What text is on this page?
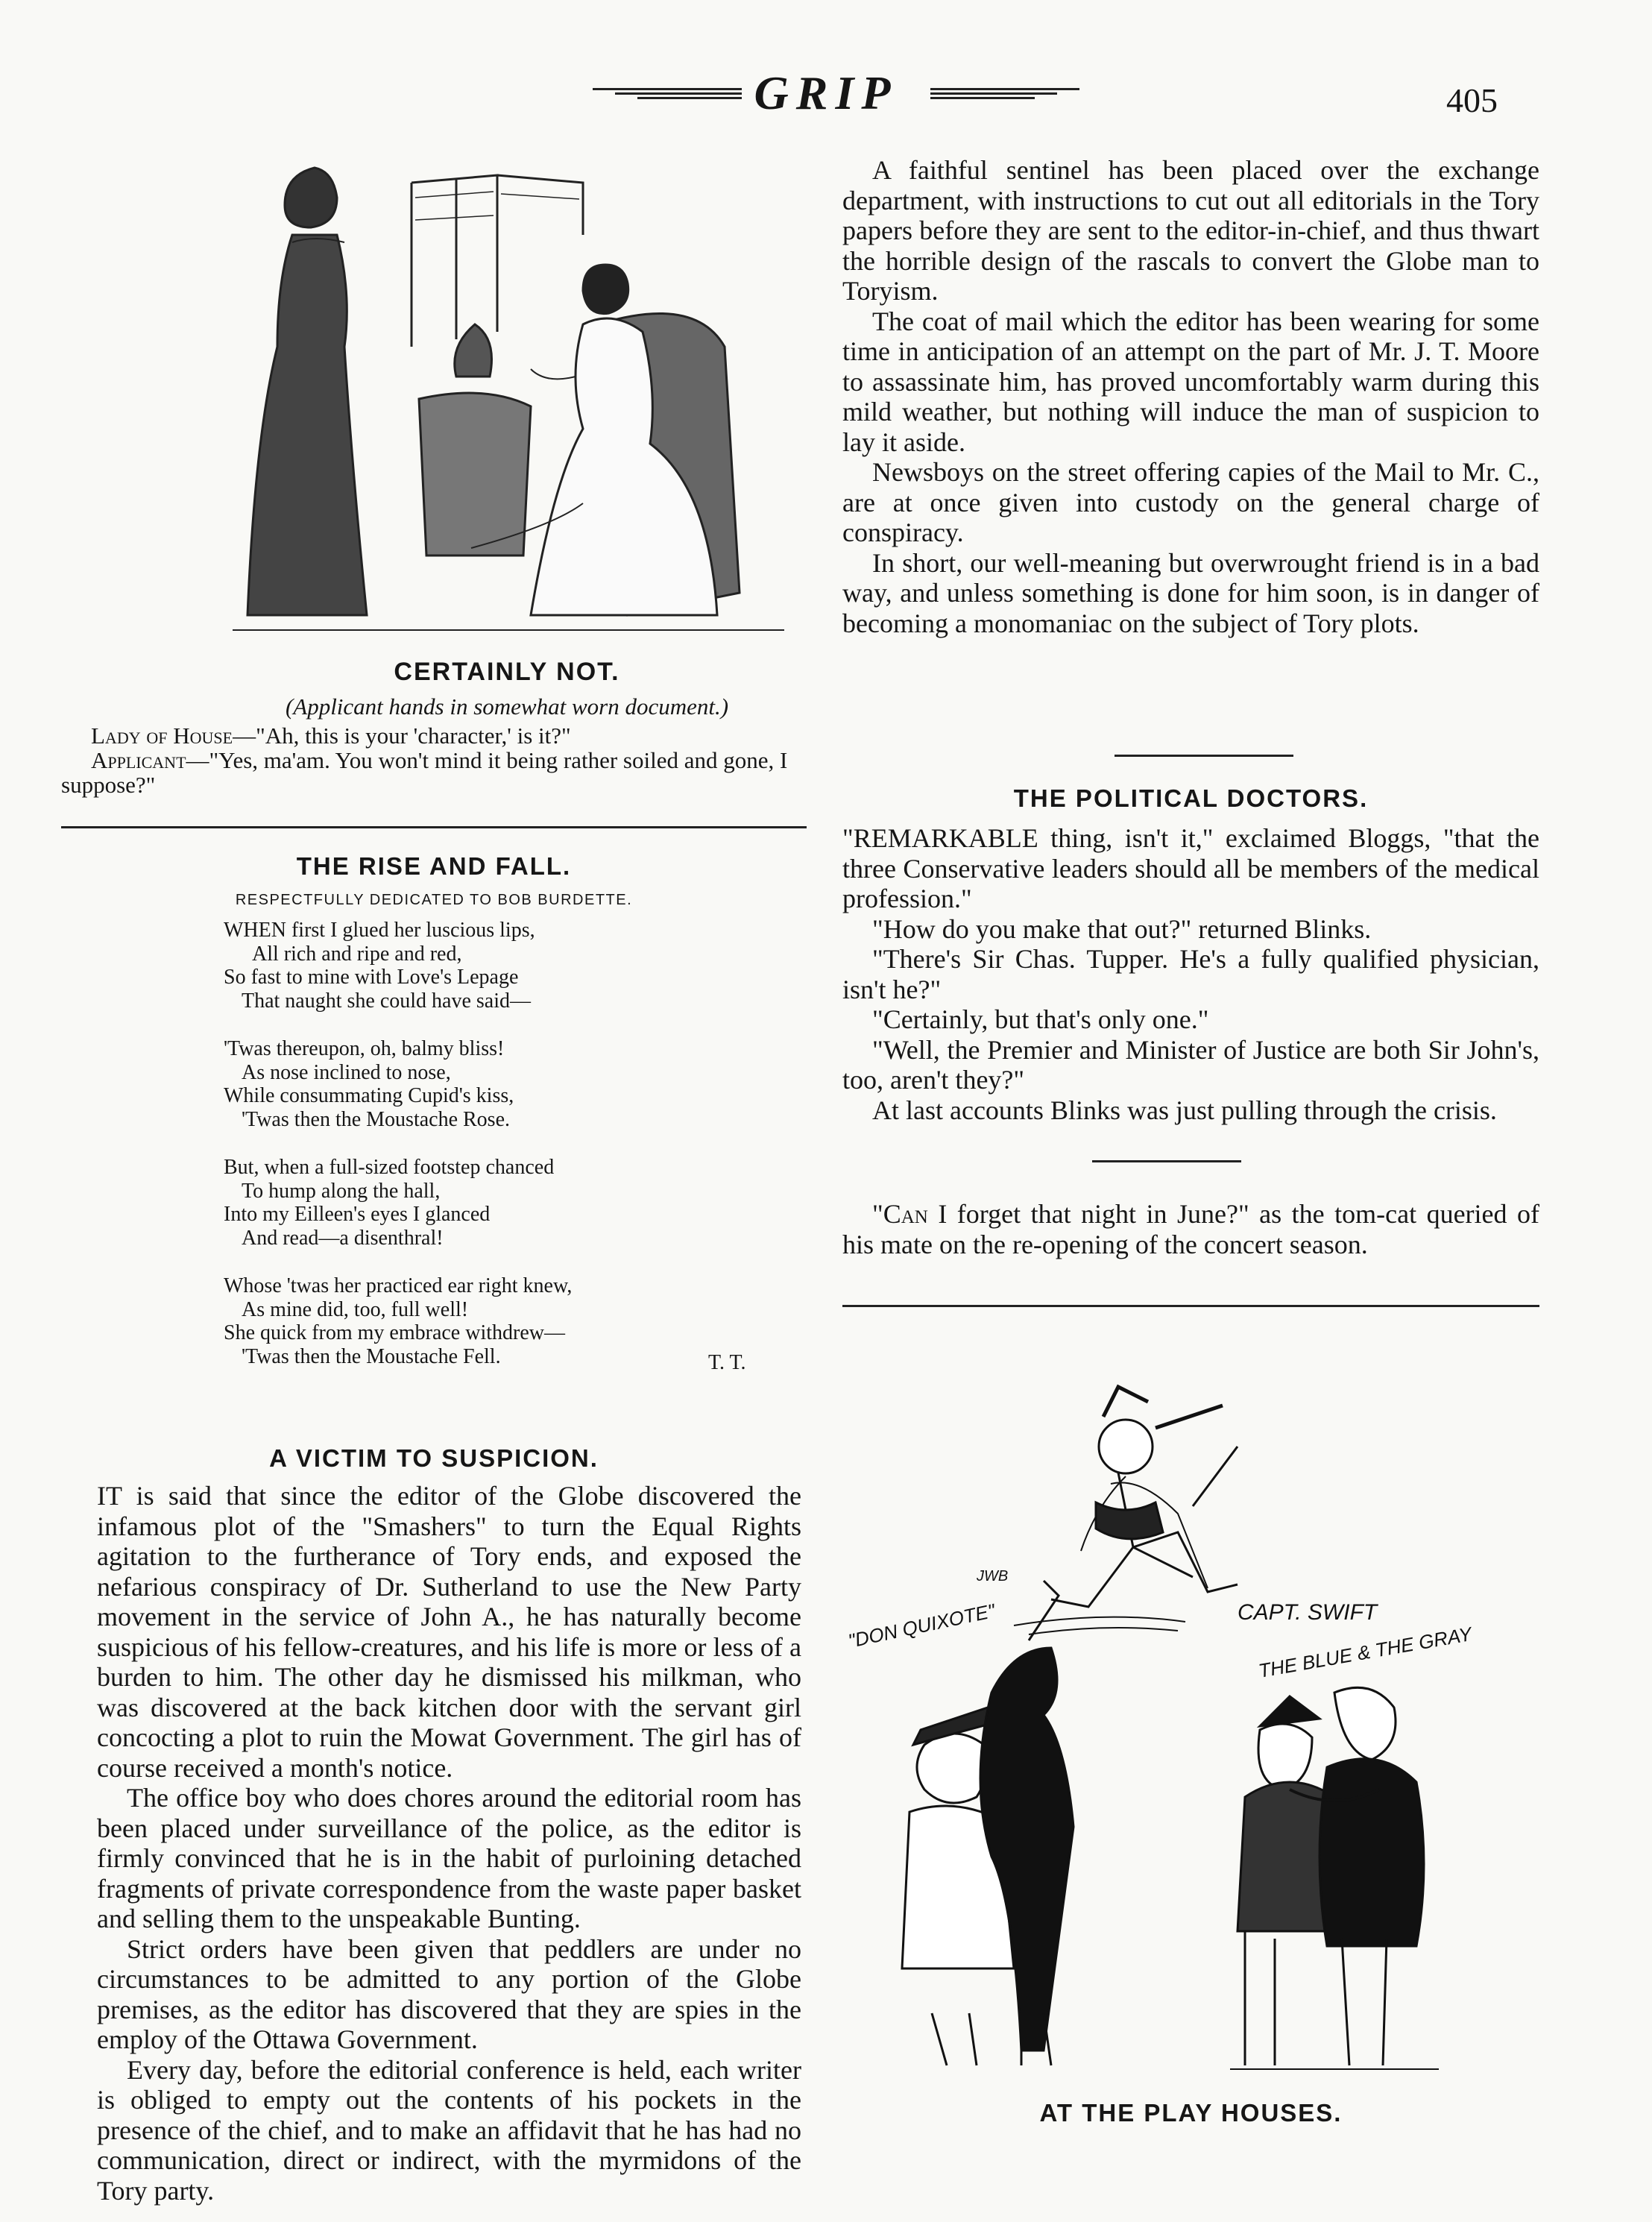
GRIP	405
CERTAINLY NOT.
(Applicant hands in somewhat worn document.)
Lady of House—"Ah, this is your 'character,' is it?"
Applicant—"Yes, ma'am. You won't mind it being rather soiled and gone, I suppose?"
THE RISE AND FALL.
RESPECTFULLY DEDICATED TO BOB BURDETTE.
WHEN first I glued her luscious lips,
All rich and ripe and red,
So fast to mine with Love's Lepage
That naught she could have said—
'Twas thereupon, oh, balmy bliss!
As nose inclined to nose,
While consummating Cupid's kiss,
'Twas then the Moustache Rose.
But, when a full-sized footstep chanced
To hump along the hall,
Into my Eilleen's eyes I glanced
And read—a disenthral!
Whose 'twas her practiced ear right knew,
As mine did, too, full well!
She quick from my embrace withdrew—
'Twas then the Moustache Fell.	T. T.
A VICTIM TO SUSPICION.

IT is said that since the editor of the Globe discovered the infamous plot of the "Smashers" to turn the Equal Rights agitation to the furtherance of Tory ends, and exposed the nefarious conspiracy of Dr. Sutherland to use the New Party movement in the service of John A., he has naturally become suspicious of his fellow-creatures, and his life is more or less of a burden to him. The other day he dismissed his milkman, who was discovered at the back kitchen door with the servant girl concocting a plot to ruin the Mowat Government. The girl has of course received a month's notice.

The office boy who does chores around the editorial room has been placed under surveillance of the police, as the editor is firmly convinced that he is in the habit of purloining detached fragments of private correspondence from the waste paper basket and selling them to the unspeakable Bunting.

Strict orders have been given that peddlers are under no circumstances to be admitted to any portion of the Globe premises, as the editor has discovered that they are spies in the employ of the Ottawa Government.

Every day, before the editorial conference is held, each writer is obliged to empty out the contents of his pockets in the presence of the chief, and to make an affidavit that he has had no communication, direct or indirect, with the myrmidons of the Tory party.

A faithful sentinel has been placed over the exchange department, with instructions to cut out all editorials in the Tory papers before they are sent to the editor-in-chief, and thus thwart the horrible design of the rascals to convert the Globe man to Toryism.

The coat of mail which the editor has been wearing for some time in anticipation of an attempt on the part of Mr. J. T. Moore to assassinate him, has proved uncomfortably warm during this mild weather, but nothing will induce the man of suspicion to lay it aside.

Newsboys on the street offering capies of the Mail to Mr. C., are at once given into custody on the general charge of conspiracy.

In short, our well-meaning but overwrought friend is in a bad way, and unless something is done for him soon, is in danger of becoming a monomaniac on the subject of Tory plots.

THE POLITICAL DOCTORS.

"REMARKABLE thing, isn't it," exclaimed Bloggs, "that the three Conservative leaders should all be members of the medical profession."

"How do you make that out?" returned Blinks.

"There's Sir Chas. Tupper. He's a fully qualified physician, isn't he?"

"Certainly, but that's only one."

"Well, the Premier and Minister of Justice are both Sir John's, too, aren't they?"

At last accounts Blinks was just pulling through the crisis.

"Can I forget that night in June?" as the tom-cat queried of his mate on the re-opening of the concert season.

CAPT. SWIFT
"DON QUIXOTE"	THE BLUE & THE GRAY
JWB
AT THE PLAY HOUSES.
